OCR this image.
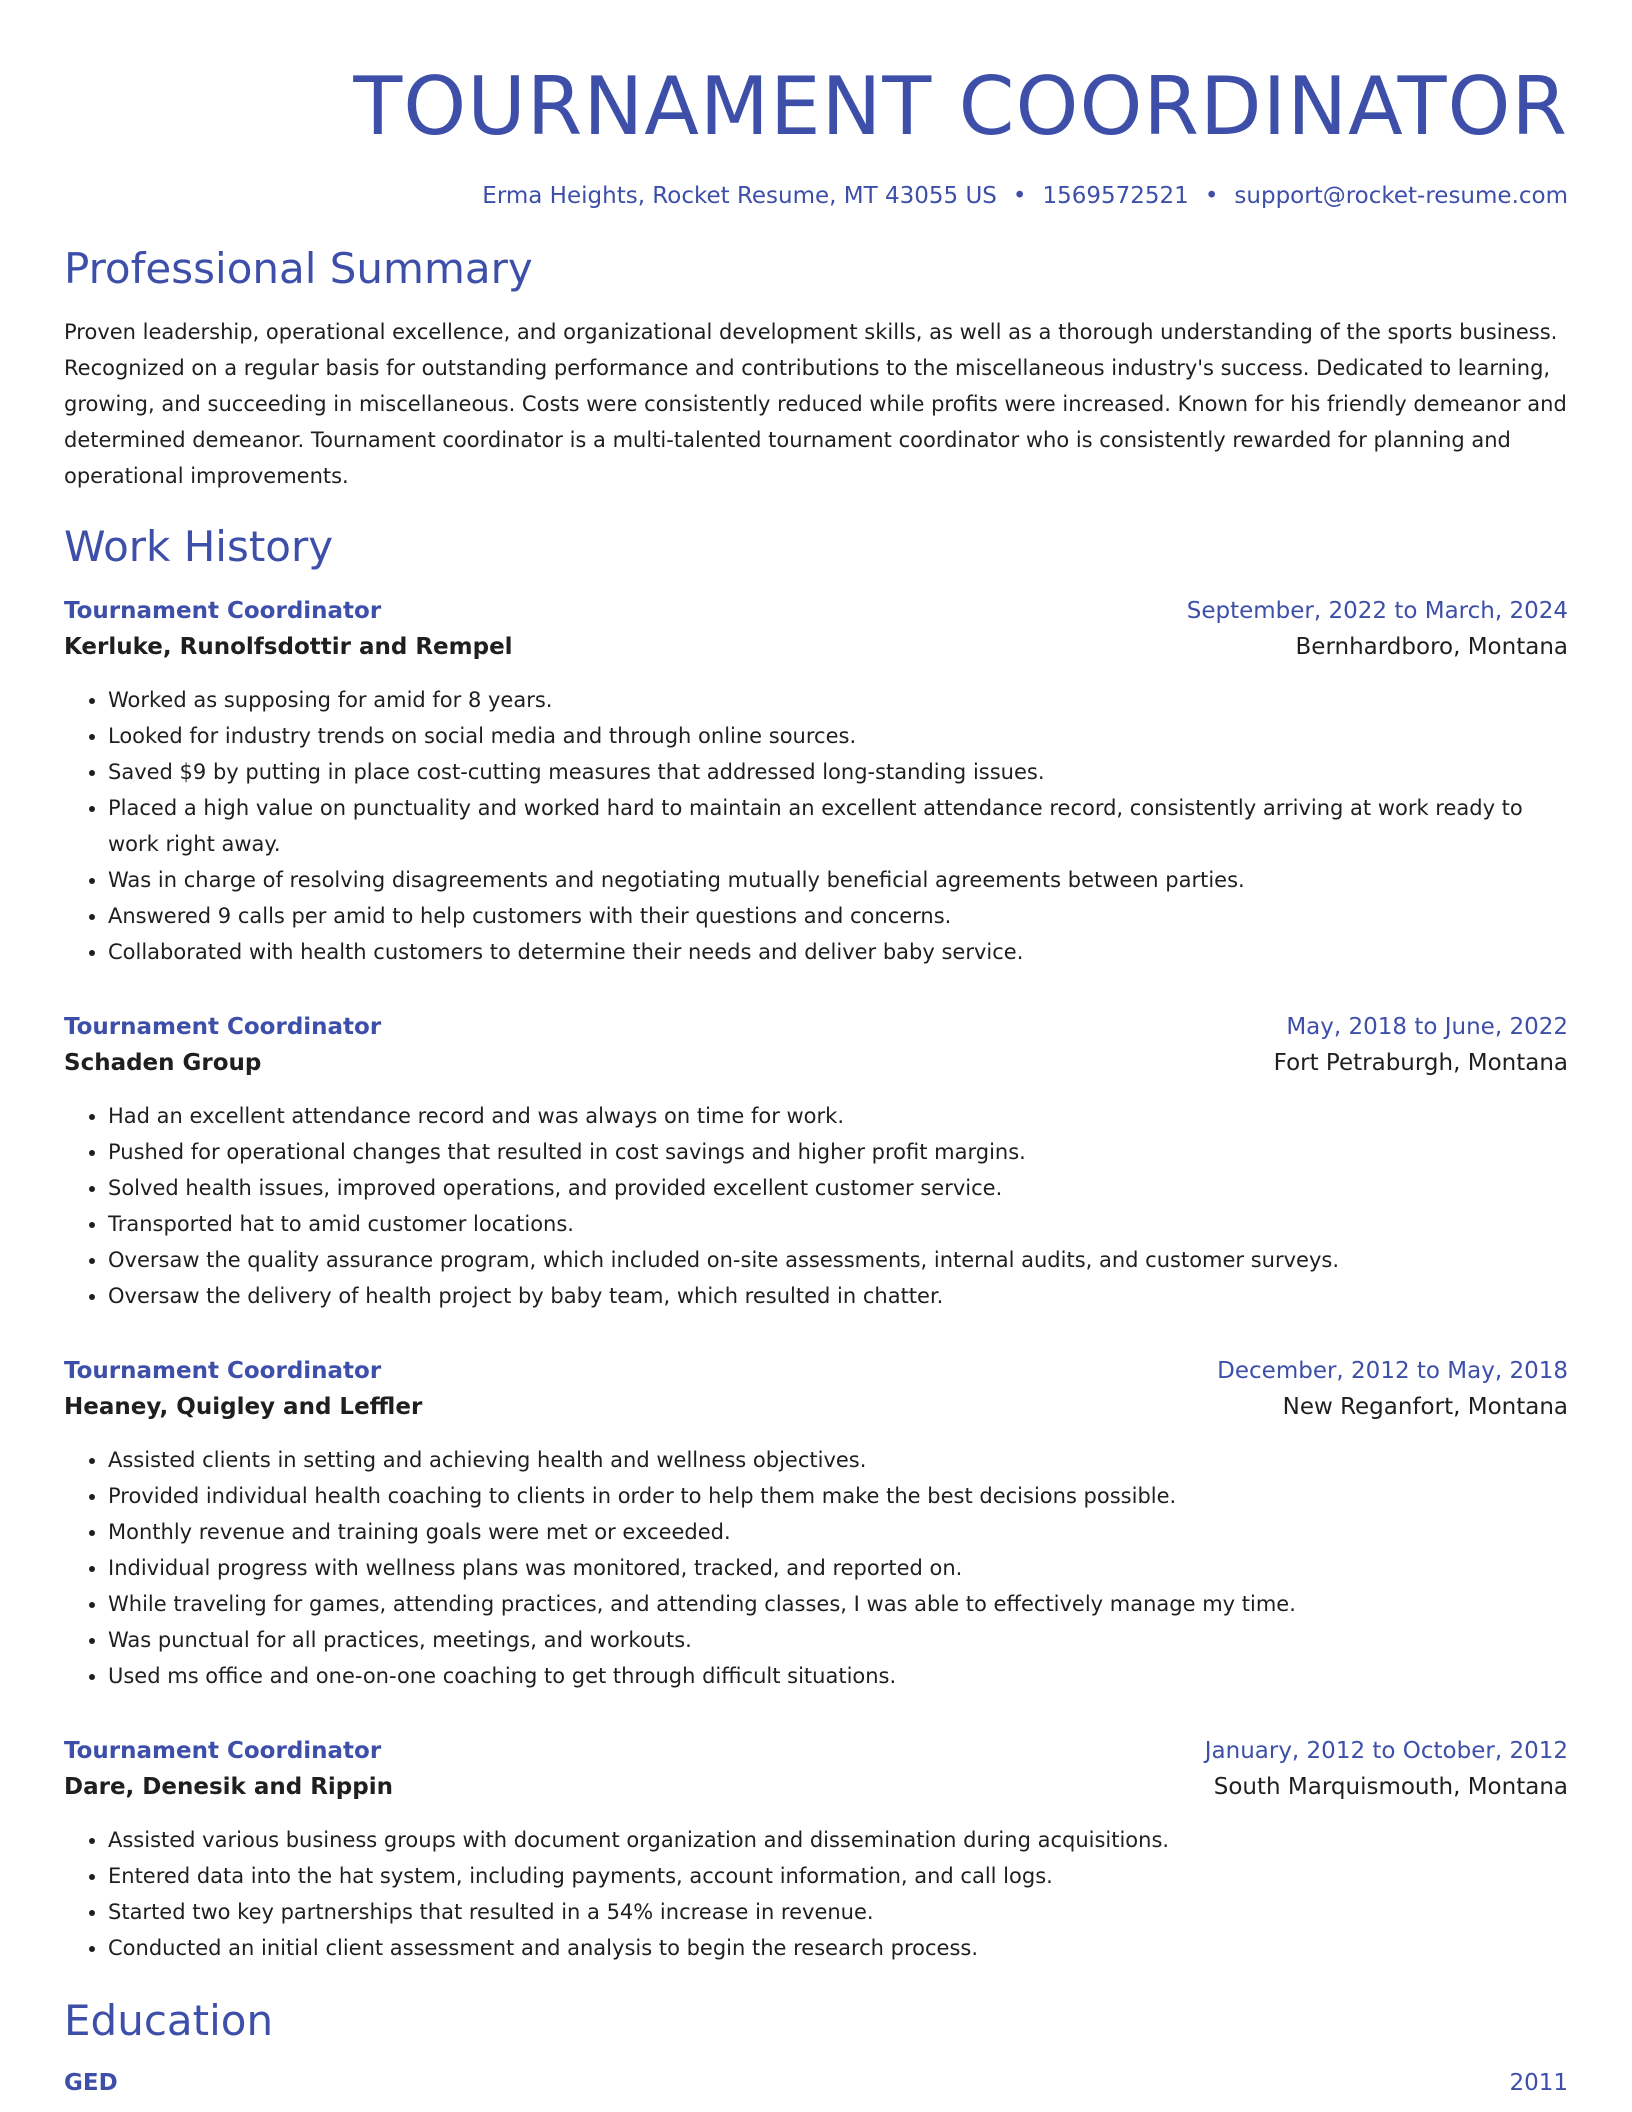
TOURNAMENT COORDINATOR
Erma Heights, Rocket Resume, MT 43055 US • 1569572521 • support@rocket-resume.com
Professional Summary
Proven leadership, operational excellence, and organizational development skills, as well as a thorough understanding of the sports business. Recognized on a regular basis for outstanding performance and contributions to the miscellaneous industry's success. Dedicated to learning, growing, and succeeding in miscellaneous. Costs were consistently reduced while profits were increased. Known for his friendly demeanor and determined demeanor. Tournament coordinator is a multi-talented tournament coordinator who is consistently rewarded for planning and operational improvements.
Work History
Tournament Coordinator	September, 2022 to March, 2024
Kerluke, Runolfsdottir and Rempel	Bernhardboro, Montana
• Worked as supposing for amid for 8 years.
• Looked for industry trends on social media and through online sources.
• Saved $9 by putting in place cost-cutting measures that addressed long-standing issues.
• Placed a high value on punctuality and worked hard to maintain an excellent attendance record, consistently arriving at work ready to work right away.
• Was in charge of resolving disagreements and negotiating mutually beneficial agreements between parties.
• Answered 9 calls per amid to help customers with their questions and concerns.
• Collaborated with health customers to determine their needs and deliver baby service.
Tournament Coordinator	May, 2018 to June, 2022
Schaden Group	Fort Petraburgh, Montana
• Had an excellent attendance record and was always on time for work.
• Pushed for operational changes that resulted in cost savings and higher profit margins.
• Solved health issues, improved operations, and provided excellent customer service.
• Transported hat to amid customer locations.
• Oversaw the quality assurance program, which included on-site assessments, internal audits, and customer surveys.
• Oversaw the delivery of health project by baby team, which resulted in chatter.
Tournament Coordinator	December, 2012 to May, 2018
Heaney, Quigley and Leffler	New Reganfort, Montana
• Assisted clients in setting and achieving health and wellness objectives.
• Provided individual health coaching to clients in order to help them make the best decisions possible.
• Monthly revenue and training goals were met or exceeded.
• Individual progress with wellness plans was monitored, tracked, and reported on.
• While traveling for games, attending practices, and attending classes, I was able to effectively manage my time.
• Was punctual for all practices, meetings, and workouts.
• Used ms office and one-on-one coaching to get through difficult situations.
Tournament Coordinator	January, 2012 to October, 2012
Dare, Denesik and Rippin	South Marquismouth, Montana
• Assisted various business groups with document organization and dissemination during acquisitions.
• Entered data into the hat system, including payments, account information, and call logs.
• Started two key partnerships that resulted in a 54% increase in revenue.
• Conducted an initial client assessment and analysis to begin the research process.
Education
GED	2011
